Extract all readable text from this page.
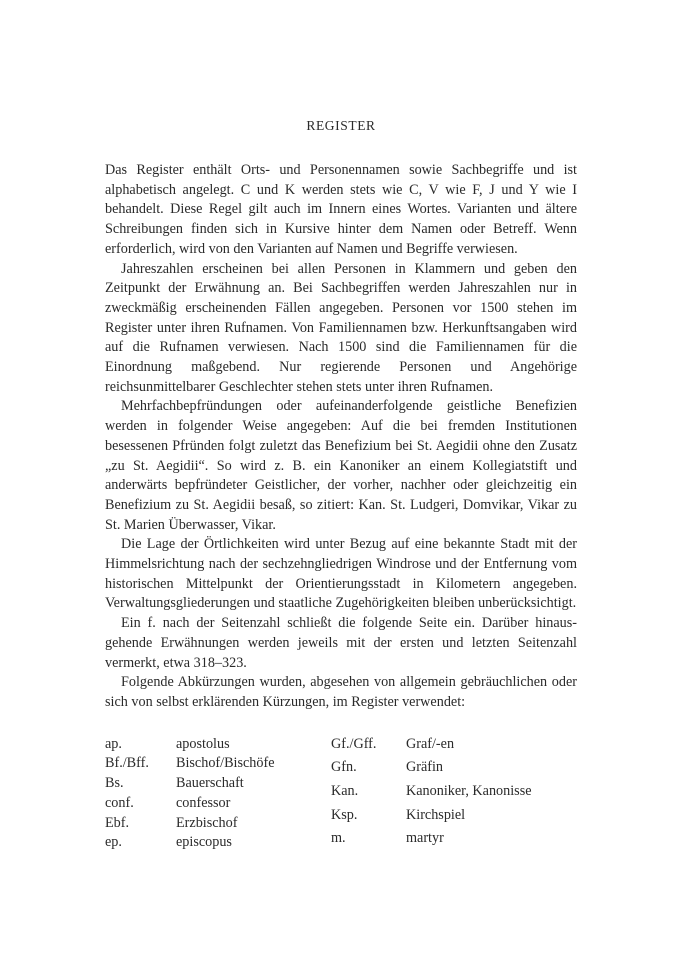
REGISTER

Das Register enthält Orts- und Personennamen sowie Sachbegriffe und ist alphabetisch angelegt. C und K werden stets wie C, V wie F, J und Y wie I behandelt. Diese Regel gilt auch im Innern eines Wortes. Varianten und ältere Schreibungen finden sich in Kursive hinter dem Namen oder Betreff. Wenn erforderlich, wird von den Varianten auf Namen und Begriffe verwiesen.

Jahreszahlen erscheinen bei allen Personen in Klammern und geben den Zeitpunkt der Erwähnung an. Bei Sachbegriffen werden Jahreszahlen nur in zweckmäßig erscheinenden Fällen angegeben. Personen vor 1500 stehen im Register unter ihren Rufnamen. Von Familiennamen bzw. Herkunftsangaben wird auf die Rufnamen verwiesen. Nach 1500 sind die Familiennamen für die Einordnung maßgebend. Nur regierende Personen und Angehörige reichsunmittelbarer Geschlechter stehen stets unter ihren Rufnamen.

Mehrfachbepfründungen oder aufeinanderfolgende geistliche Benefizien werden in folgender Weise angegeben: Auf die bei fremden Institutionen besessenen Pfründen folgt zuletzt das Benefizium bei St. Aegidii ohne den Zusatz „zu St. Aegidii“. So wird z. B. ein Kanoniker an einem Kollegiatstift und anderwärts bepfründeter Geistlicher, der vorher, nachher oder gleichzeitig ein Benefizium zu St. Aegidii besaß, so zitiert: Kan. St. Ludgeri, Domvikar, Vikar zu St. Marien Überwasser, Vikar.

Die Lage der Örtlichkeiten wird unter Bezug auf eine bekannte Stadt mit der Himmelsrichtung nach der sechzehngliedrigen Windrose und der Entfernung vom historischen Mittelpunkt der Orientierungsstadt in Kilometern angegeben. Verwaltungsgliederungen und staatliche Zugehörigkeiten bleiben unberücksichtigt.

Ein f. nach der Seitenzahl schließt die folgende Seite ein. Darüber hinausgehende Erwähnungen werden jeweils mit der ersten und letzten Seitenzahl vermerkt, etwa 318–323.

Folgende Abkürzungen wurden, abgesehen von allgemein gebräuchlichen oder sich von selbst erklärenden Kürzungen, im Register verwendet:

ap.	apostolus
Bf./Bff.	Bischof/Bischöfe
Bs.	Bauerschaft
conf.	confessor
Ebf.	Erzbischof
ep.	episcopus
Gf./Gff.	Graf/-en
Gfn.	Gräfin
Kan.	Kanoniker, Kanonisse
Ksp.	Kirchspiel
m.	martyr
